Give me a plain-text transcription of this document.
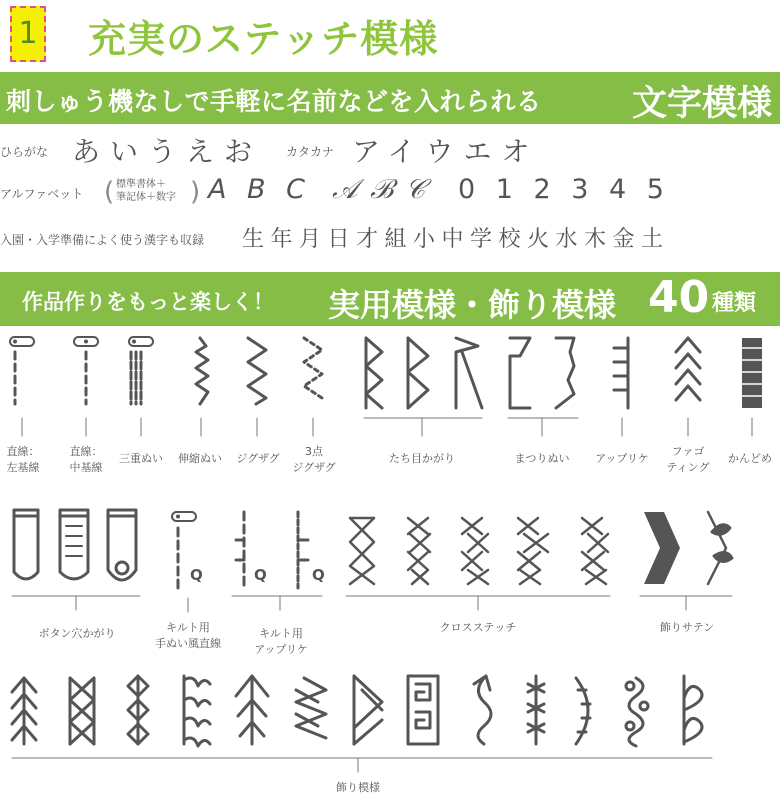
1 充実のステッチ模様
刺しゅう機なしで手軽に名前などを入れられる	文字模様
ひらがな あいうえお カタカナ アイウエオ
アルファベット ( 標準書体＋
筆記体＋数字 ) A B C 𝒜 ℬ 𝒞 0 1 2 3 4 5
入園・入学準備によく使う漢字も収録 生年月日才組小中学校火水木金土
作品作りをもっと楽しく！ 実用模様・飾り模様 40 種類
Q	Q	Q
直線：
左基線
直線：
中基線
三重ぬい	伸縮ぬい	ジグザグ
3点
ジグザグ
たち目かがり	まつりぬい	アップリケ
ファゴ
ティング
かんどめ
ボタン穴かがり	キルト用
手ぬい風直線
キルト用
アップリケ
クロスステッチ	飾りサテン
飾り模様
